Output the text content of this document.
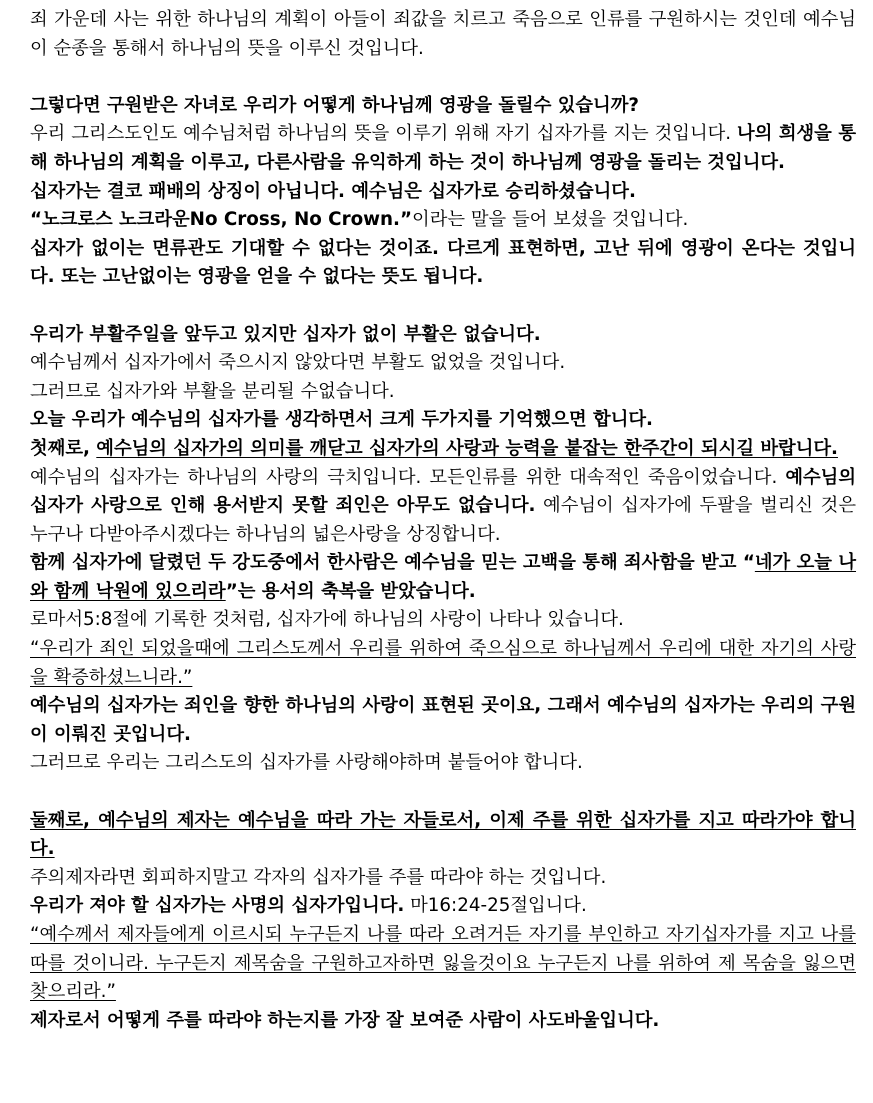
죄 가운데 사는 위한 하나님의 계획이 아들이 죄값을 치르고 죽음으로 인류를 구원하시는 것인데 예수님이 순종을 통해서 하나님의 뜻을 이루신 것입니다.

그렇다면 구원받은 자녀로 우리가 어떻게 하나님께 영광을 돌릴수 있습니까?

우리 그리스도인도 예수님처럼 하나님의 뜻을 이루기 위해 자기 십자가를 지는 것입니다. 나의 희생을 통해 하나님의 계획을 이루고, 다른사람을 유익하게 하는 것이 하나님께 영광을 돌리는 것입니다.

십자가는 결코 패배의 상징이 아닙니다. 예수님은 십자가로 승리하셨습니다.

“노크로스 노크라운No Cross, No Crown.”이라는 말을 들어 보셨을 것입니다.

십자가 없이는 면류관도 기대할 수 없다는 것이죠. 다르게 표현하면, 고난 뒤에 영광이 온다는 것입니다. 또는 고난없이는 영광을 얻을 수 없다는 뜻도 됩니다.

우리가 부활주일을 앞두고 있지만 십자가 없이 부활은 없습니다.

예수님께서 십자가에서 죽으시지 않았다면 부활도 없었을 것입니다.

그러므로 십자가와 부활을 분리될 수없습니다.

오늘 우리가 예수님의 십자가를 생각하면서 크게 두가지를 기억했으면 합니다.

첫째로, 예수님의 십자가의 의미를 깨닫고 십자가의 사랑과 능력을 붙잡는 한주간이 되시길 바랍니다.

예수님의 십자가는 하나님의 사랑의 극치입니다. 모든인류를 위한 대속적인 죽음이었습니다. 예수님의 십자가 사랑으로 인해 용서받지 못할 죄인은 아무도 없습니다. 예수님이 십자가에 두팔을 벌리신 것은 누구나 다받아주시겠다는 하나님의 넓은사랑을 상징합니다.

함께 십자가에 달렸던 두 강도중에서 한사람은 예수님을 믿는 고백을 통해 죄사함을 받고 “네가 오늘 나와 함께 낙원에 있으리라”는 용서의 축복을 받았습니다.

로마서5:8절에 기록한 것처럼, 십자가에 하나님의 사랑이 나타나 있습니다.

“우리가 죄인 되었을때에 그리스도께서 우리를 위하여 죽으심으로 하나님께서 우리에 대한 자기의 사랑을 확증하셨느니라.”

예수님의 십자가는 죄인을 향한 하나님의 사랑이 표현된 곳이요, 그래서 예수님의 십자가는 우리의 구원이 이뤄진 곳입니다.

그러므로 우리는 그리스도의 십자가를 사랑해야하며 붙들어야 합니다.

둘째로, 예수님의 제자는 예수님을 따라 가는 자들로서, 이제 주를 위한 십자가를 지고 따라가야 합니다.

주의제자라면 회피하지말고 각자의 십자가를 주를 따라야 하는 것입니다.

우리가 져야 할 십자가는 사명의 십자가입니다. 마16:24-25절입니다.

“예수께서 제자들에게 이르시되 누구든지 나를 따라 오려거든 자기를 부인하고 자기십자가를 지고 나를 따를 것이니라. 누구든지 제목숨을 구원하고자하면 잃을것이요 누구든지 나를 위하여 제 목숨을 잃으면 찾으리라.”

제자로서 어떻게 주를 따라야 하는지를 가장 잘 보여준 사람이 사도바울입니다.
